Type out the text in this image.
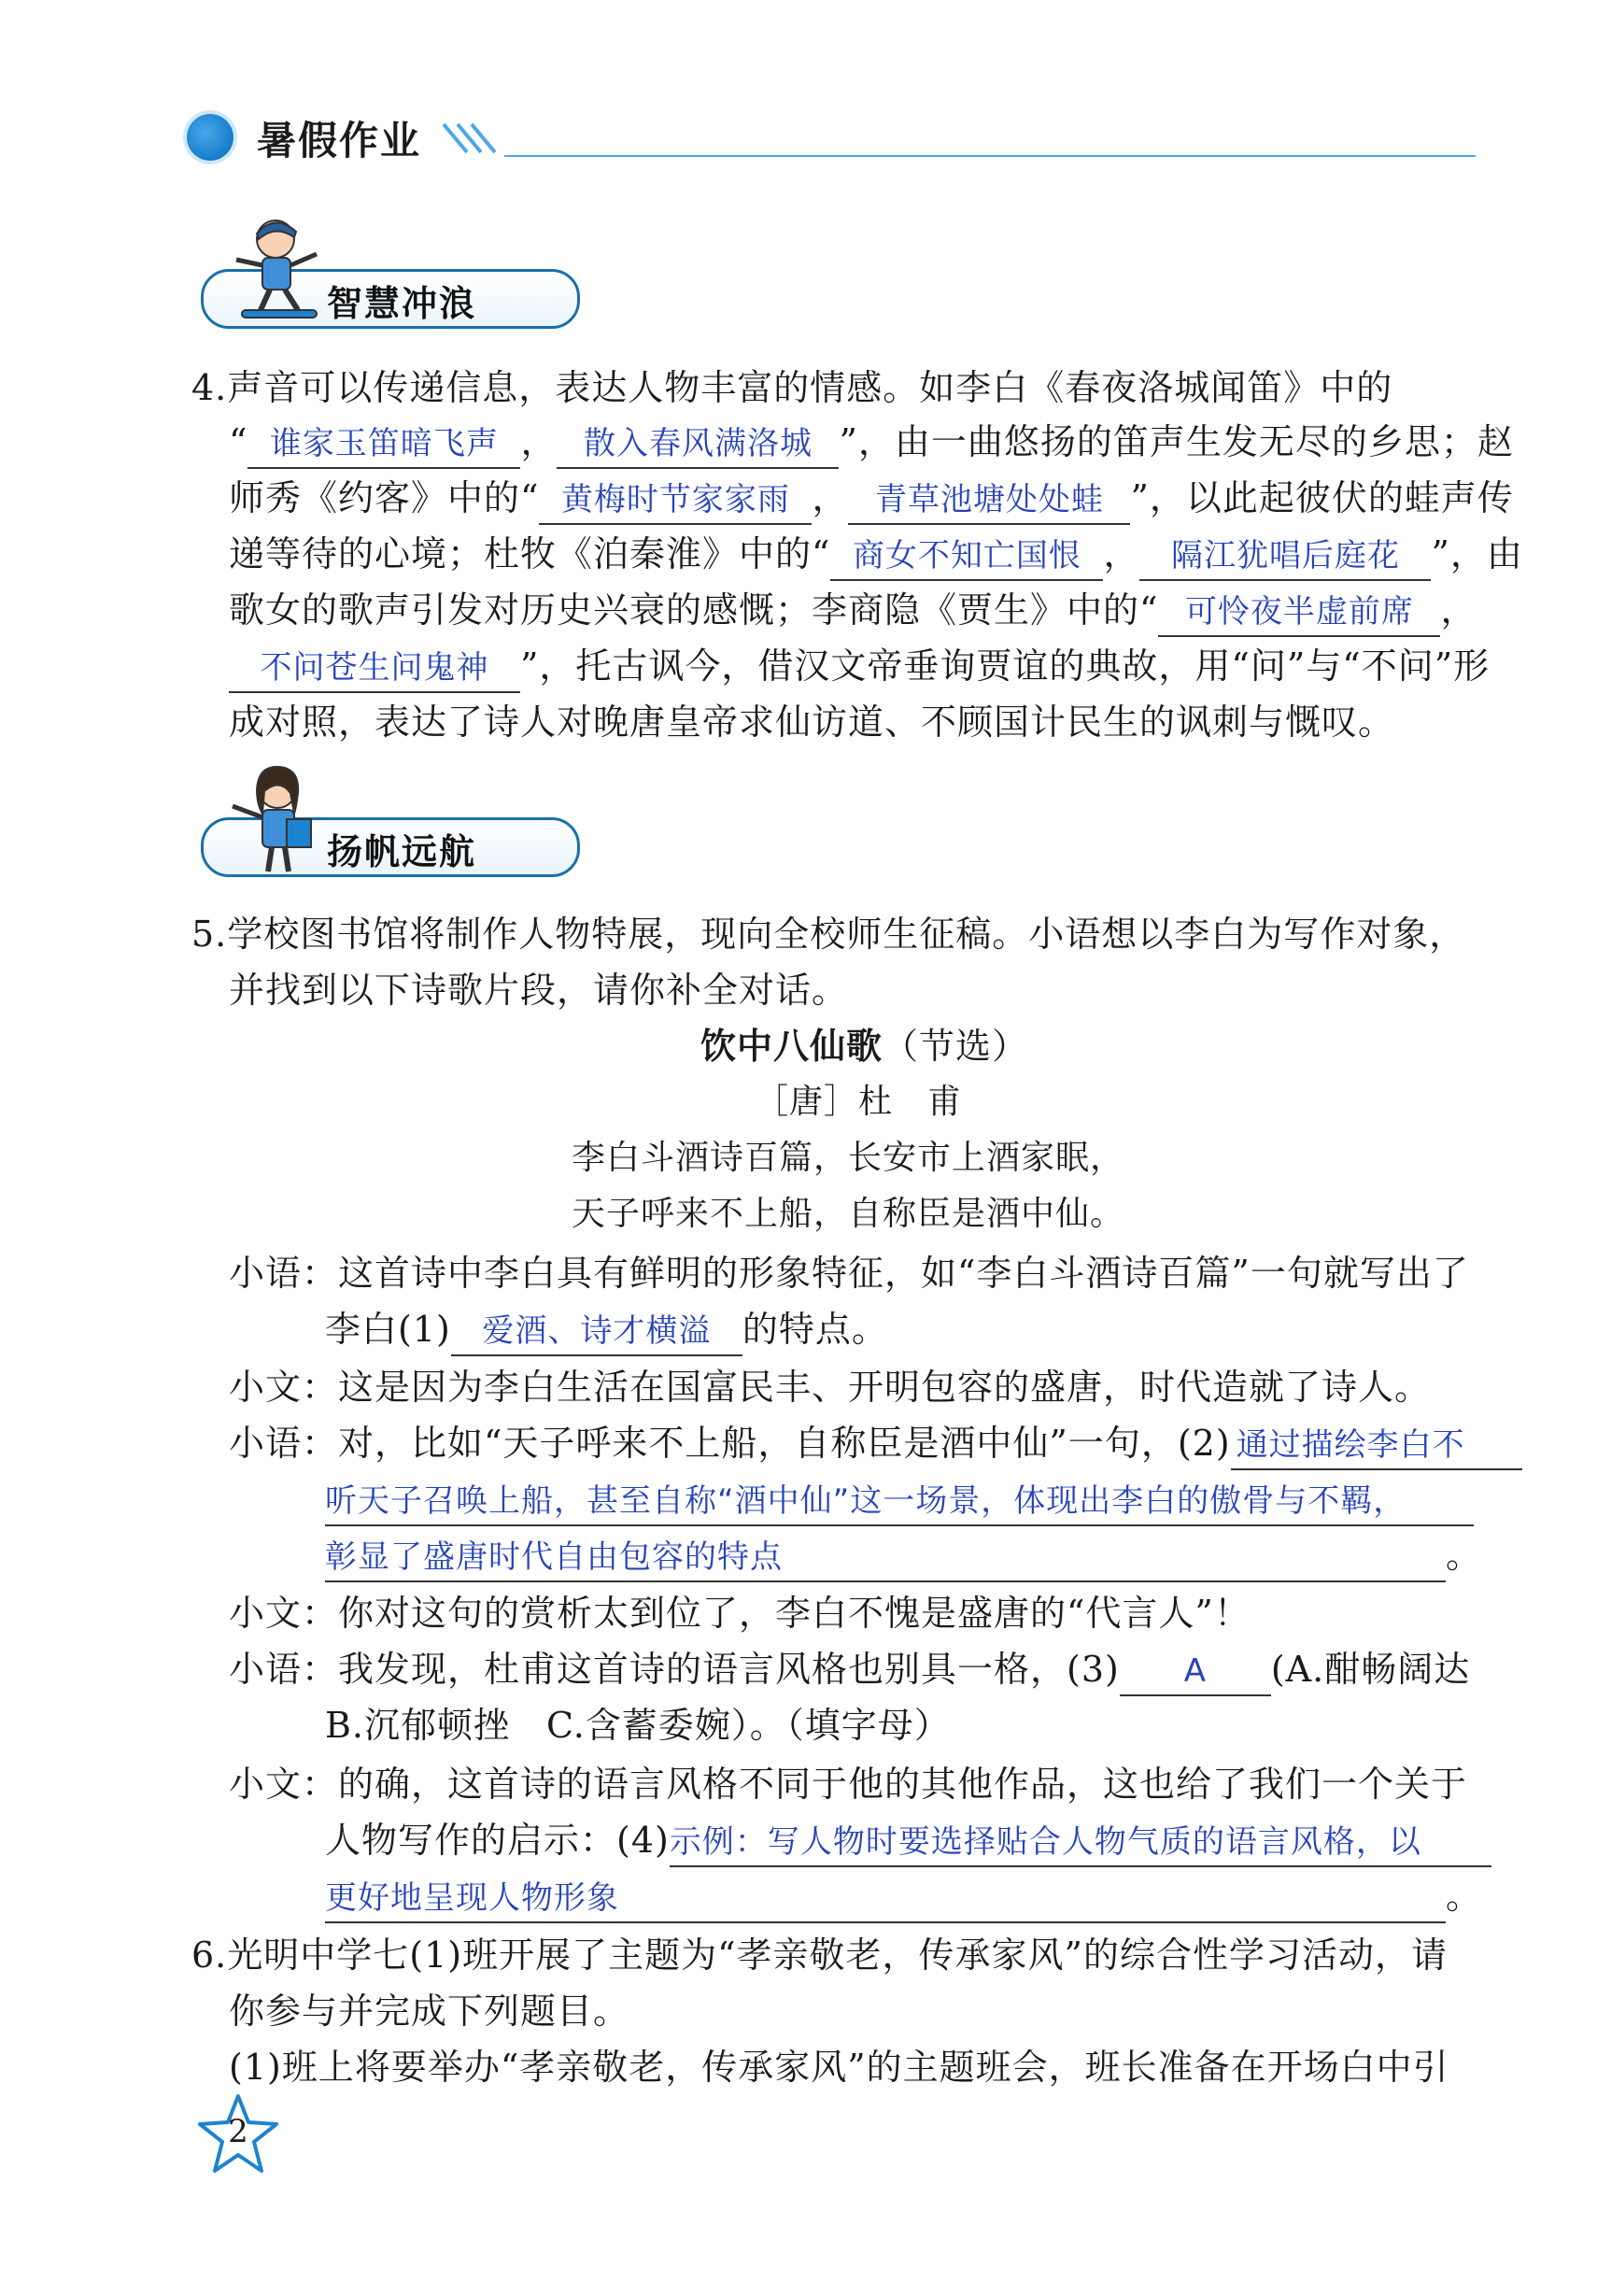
暑假作业
智慧冲浪
4.声音可以传递信息，表达人物丰富的情感。如李白《春夜洛城闻笛》中的
“ 谁家玉笛暗飞声 ， 散入春风满洛城 ”，由一曲悠扬的笛声生发无尽的乡思；赵
师秀《约客》中的“ 黄梅时节家家雨 ， 青草池塘处处蛙 ”，以此起彼伏的蛙声传
递等待的心境；杜牧《泊秦淮》中的“ 商女不知亡国恨 ， 隔江犹唱后庭花 ”，由
歌女的歌声引发对历史兴衰的感慨；李商隐《贾生》中的“ 可怜夜半虚前席 ，
不问苍生问鬼神 ”，托古讽今，借汉文帝垂询贾谊的典故，用“问”与“不问”形
成对照，表达了诗人对晚唐皇帝求仙访道、不顾国计民生的讽刺与慨叹。
扬帆远航
5.学校图书馆将制作人物特展，现向全校师生征稿。小语想以李白为写作对象，
并找到以下诗歌片段，请你补全对话。
饮中八仙歌（节选）
［唐］杜　甫
李白斗酒诗百篇，长安市上酒家眠，
天子呼来不上船，自称臣是酒中仙。
小语：这首诗中李白具有鲜明的形象特征，如“李白斗酒诗百篇”一句就写出了
李白(1) 爱酒、诗才横溢 的特点。
小文：这是因为李白生活在国富民丰、开明包容的盛唐，时代造就了诗人。
小语：对，比如“天子呼来不上船，自称臣是酒中仙”一句，(2) 通过描绘李白不
听天子召唤上船，甚至自称“酒中仙”这一场景，体现出李白的傲骨与不羁，
彰显了盛唐时代自由包容的特点	。
小文：你对这句的赏析太到位了，李白不愧是盛唐的“代言人”！
小语：我发现，杜甫这首诗的语言风格也别具一格，(3) A (A.酣畅阔达
B.沉郁顿挫　C.含蓄委婉）。（填字母）
小文：的确，这首诗的语言风格不同于他的其他作品，这也给了我们一个关于
人物写作的启示：(4)示例：写人物时要选择贴合人物气质的语言风格，以
更好地呈现人物形象	。
6.光明中学七(1)班开展了主题为“孝亲敬老，传承家风”的综合性学习活动，请
你参与并完成下列题目。
(1)班上将要举办“孝亲敬老，传承家风”的主题班会，班长准备在开场白中引
2
